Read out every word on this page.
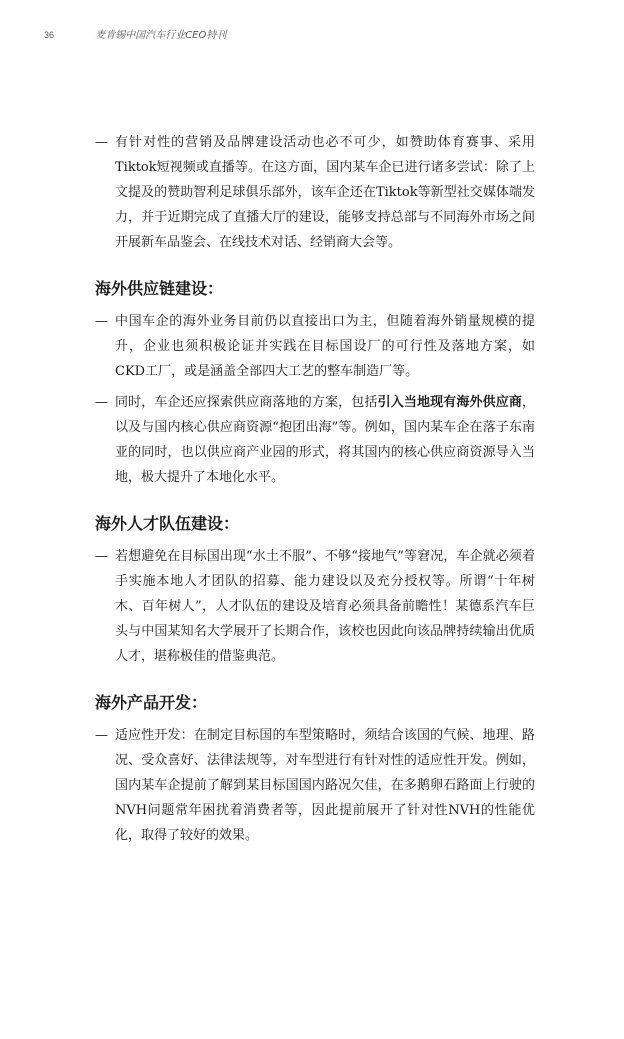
36	麦肯锡中国汽车行业CEO特刊
— 有针对性的营销及品牌建设活动也必不可少，如赞助体育赛事、采用Tiktok短视频或直播等。在这方面，国内某车企已进行诸多尝试：除了上文提及的赞助智利足球俱乐部外，该车企还在Tiktok等新型社交媒体端发力，并于近期完成了直播大厅的建设，能够支持总部与不同海外市场之间开展新车品鉴会、在线技术对话、经销商大会等。
海外供应链建设：
— 中国车企的海外业务目前仍以直接出口为主，但随着海外销量规模的提升，企业也须积极论证并实践在目标国设厂的可行性及落地方案，如CKD工厂，或是涵盖全部四大工艺的整车制造厂等。
— 同时，车企还应探索供应商落地的方案，包括引入当地现有海外供应商，以及与国内核心供应商资源“抱团出海”等。例如，国内某车企在落子东南亚的同时，也以供应商产业园的形式，将其国内的核心供应商资源导入当地，极大提升了本地化水平。
海外人才队伍建设：
— 若想避免在目标国出现“水土不服”、不够“接地气”等窘况，车企就必须着手实施本地人才团队的招募、能力建设以及充分授权等。所谓“十年树木、百年树人”，人才队伍的建设及培育必须具备前瞻性！某德系汽车巨头与中国某知名大学展开了长期合作，该校也因此向该品牌持续输出优质人才，堪称极佳的借鉴典范。
海外产品开发：
— 适应性开发：在制定目标国的车型策略时，须结合该国的气候、地理、路况、受众喜好、法律法规等，对车型进行有针对性的适应性开发。例如，国内某车企提前了解到某目标国国内路况欠佳，在多鹅卵石路面上行驶的NVH问题常年困扰着消费者等，因此提前展开了针对性NVH的性能优化，取得了较好的效果。
